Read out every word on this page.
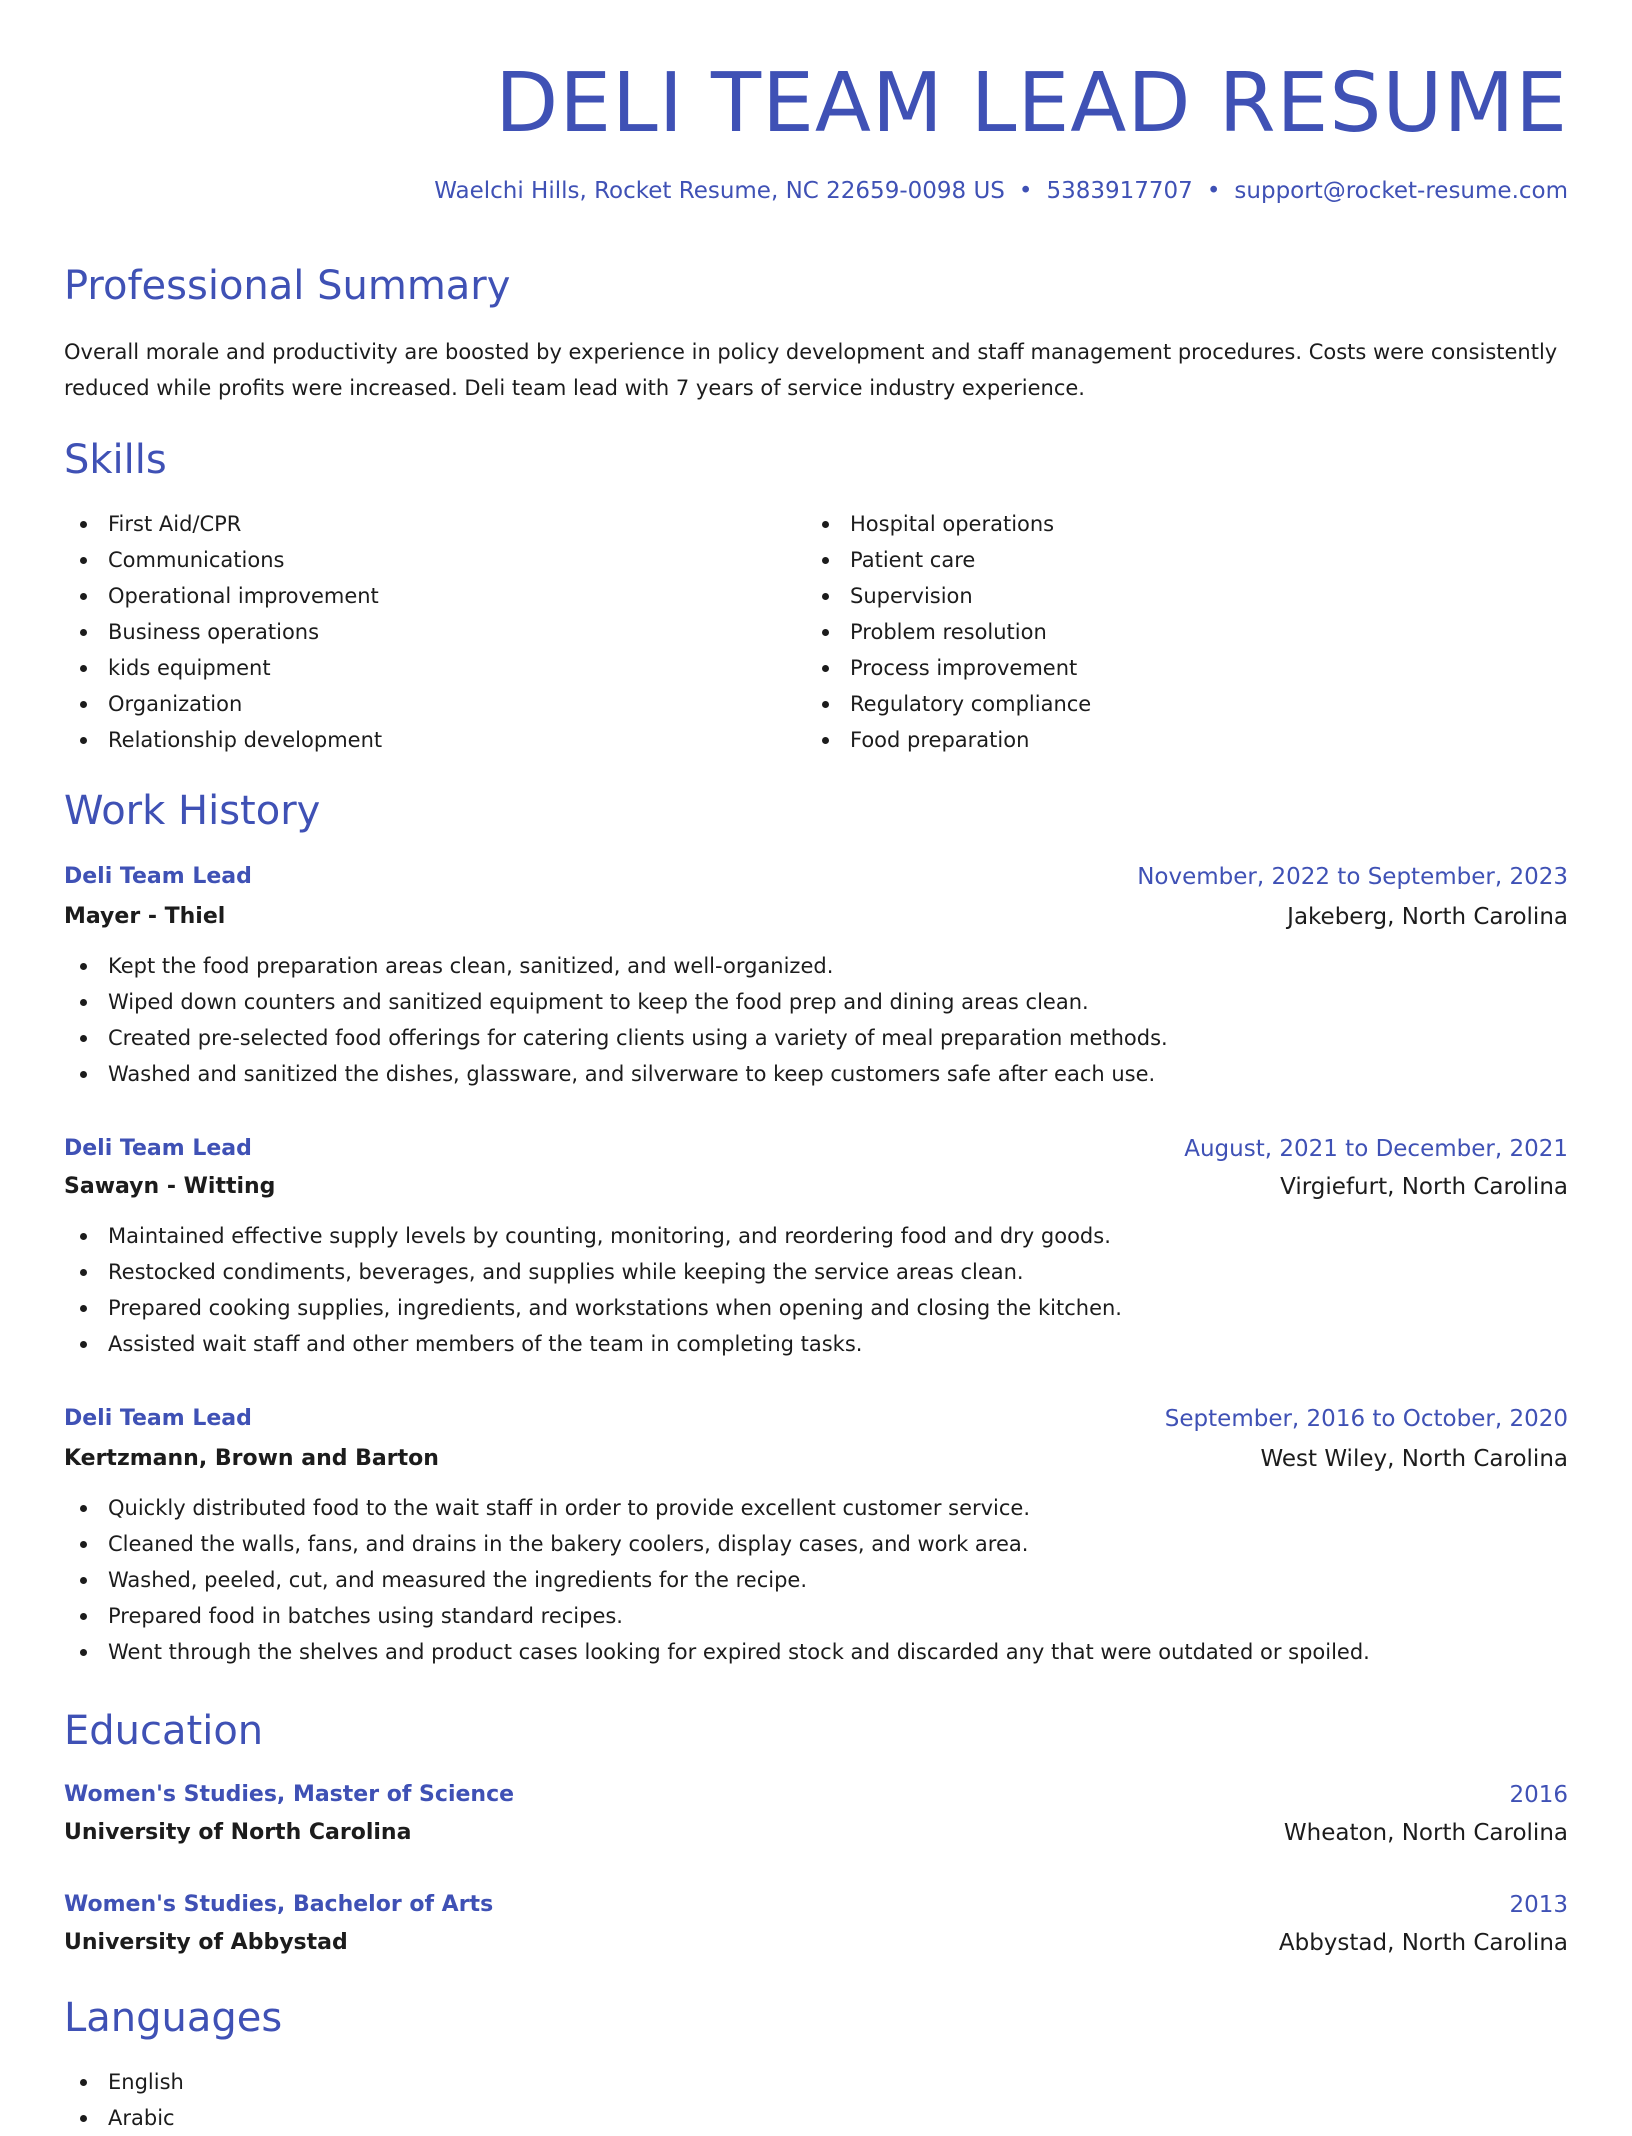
DELI TEAM LEAD RESUME
Waelchi Hills, Rocket Resume, NC 22659-0098 US • 5383917707 • support@rocket-resume.com
Professional Summary

Overall morale and productivity are boosted by experience in policy development and staff management procedures. Costs were consistently reduced while profits were increased. Deli team lead with 7 years of service industry experience.

Skills
First Aid/CPR
Communications
Operational improvement
Business operations
kids equipment
Organization
Relationship development
Hospital operations
Patient care
Supervision
Problem resolution
Process improvement
Regulatory compliance
Food preparation
Work History
Deli Team Lead	November, 2022 to September, 2023
Mayer - Thiel	Jakeberg, North Carolina
Kept the food preparation areas clean, sanitized, and well-organized.
Wiped down counters and sanitized equipment to keep the food prep and dining areas clean.
Created pre-selected food offerings for catering clients using a variety of meal preparation methods.
Washed and sanitized the dishes, glassware, and silverware to keep customers safe after each use.
Deli Team Lead	August, 2021 to December, 2021
Sawayn - Witting	Virgiefurt, North Carolina
Maintained effective supply levels by counting, monitoring, and reordering food and dry goods.
Restocked condiments, beverages, and supplies while keeping the service areas clean.
Prepared cooking supplies, ingredients, and workstations when opening and closing the kitchen.
Assisted wait staff and other members of the team in completing tasks.
Deli Team Lead	September, 2016 to October, 2020
Kertzmann, Brown and Barton	West Wiley, North Carolina
Quickly distributed food to the wait staff in order to provide excellent customer service.
Cleaned the walls, fans, and drains in the bakery coolers, display cases, and work area.
Washed, peeled, cut, and measured the ingredients for the recipe.
Prepared food in batches using standard recipes.
Went through the shelves and product cases looking for expired stock and discarded any that were outdated or spoiled.
Education
Women's Studies, Master of Science	2016
University of North Carolina	Wheaton, North Carolina
Women's Studies, Bachelor of Arts	2013
University of Abbystad	Abbystad, North Carolina
Languages
English
Arabic
